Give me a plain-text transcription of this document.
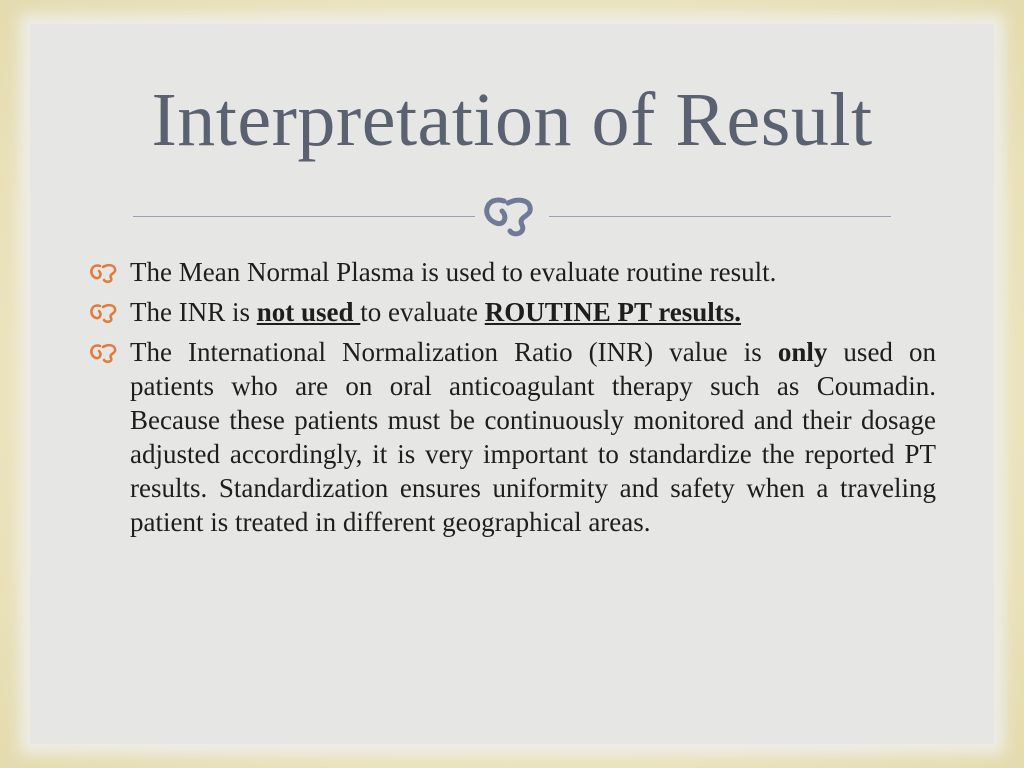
Interpretation of Result
The Mean Normal Plasma is used to evaluate routine result.
The INR is not used to evaluate ROUTINE PT results.
The International Normalization Ratio (INR) value is only used on patients who are on oral anticoagulant therapy such as Coumadin. Because these patients must be continuously monitored and their dosage adjusted accordingly, it is very important to standardize the reported PT results. Standardization ensures uniformity and safety when a traveling patient is treated in different geographical areas.
